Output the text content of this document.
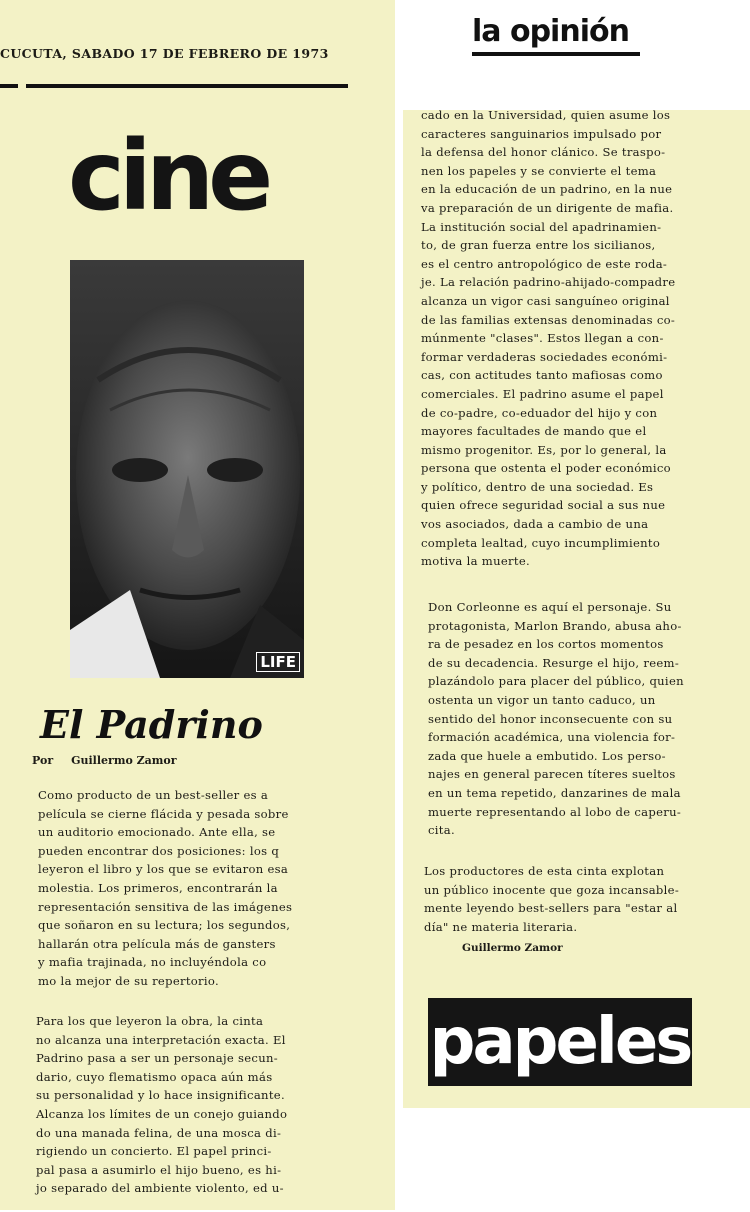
la opinión
CUCUTA, SABADO 17 DE FEBRERO DE 1973
cine
LIFE
El Padrino
Por Guillermo Zamor

Como producto de un best-seller es a

película se cierne flácida y pesada sobre

un auditorio emocionado. Ante ella, se

pueden encontrar dos posiciones: los q

leyeron el libro y los que se evitaron esa

molestia. Los primeros, encontrarán la

representación sensitiva de las imágenes

que soñaron en su lectura; los segundos,

hallarán otra película más de gansters

y mafia trajinada, no incluyéndola co

mo la mejor de su repertorio.

Para los que leyeron la obra, la cinta

no alcanza una interpretación exacta. El

Padrino pasa a ser un personaje secun-

dario, cuyo flematismo opaca aún más

su personalidad y lo hace insignificante.

Alcanza los límites de un conejo guiando

do una manada felina, de una mosca di-

rigiendo un concierto. El papel princi-

pal pasa a asumirlo el hijo bueno, es hi-

jo separado del ambiente violento, ed u-

cado en la Universidad, quien asume los

caracteres sanguinarios impulsado por

la defensa del honor clánico. Se traspo-

nen los papeles y se convierte el tema

en la educación de un padrino, en la nue

va preparación de un dirigente de mafia.

La institución social del apadrinamien-

to, de gran fuerza entre los sicilianos,

es el centro antropológico de este roda-

je. La relación padrino-ahijado-compadre

alcanza un vigor casi sanguíneo original

de las familias extensas denominadas co-

múnmente "clases". Estos llegan a con-

formar verdaderas sociedades económi-

cas, con actitudes tanto mafiosas como

comerciales. El padrino asume el papel

de co-padre, co-eduador del hijo y con

mayores facultades de mando que el

mismo progenitor. Es, por lo general, la

persona que ostenta el poder económico

y político, dentro de una sociedad. Es

quien ofrece seguridad social a sus nue

vos asociados, dada a cambio de una

completa lealtad, cuyo incumplimiento

motiva la muerte.

Don Corleonne es aquí el personaje. Su

protagonista, Marlon Brando, abusa aho-

ra de pesadez en los cortos momentos

de su decadencia. Resurge el hijo, reem-

plazándolo para placer del público, quien

ostenta un vigor un tanto caduco, un

sentido del honor inconsecuente con su

formación académica, una violencia for-

zada que huele a embutido. Los perso-

najes en general parecen títeres sueltos

en un tema repetido, danzarines de mala

muerte representando al lobo de caperu-

cita.

Los productores de esta cinta explotan

un público inocente que goza incansable-

mente leyendo best-sellers para "estar al

día" ne materia literaria.

Guillermo Zamor
papeles
